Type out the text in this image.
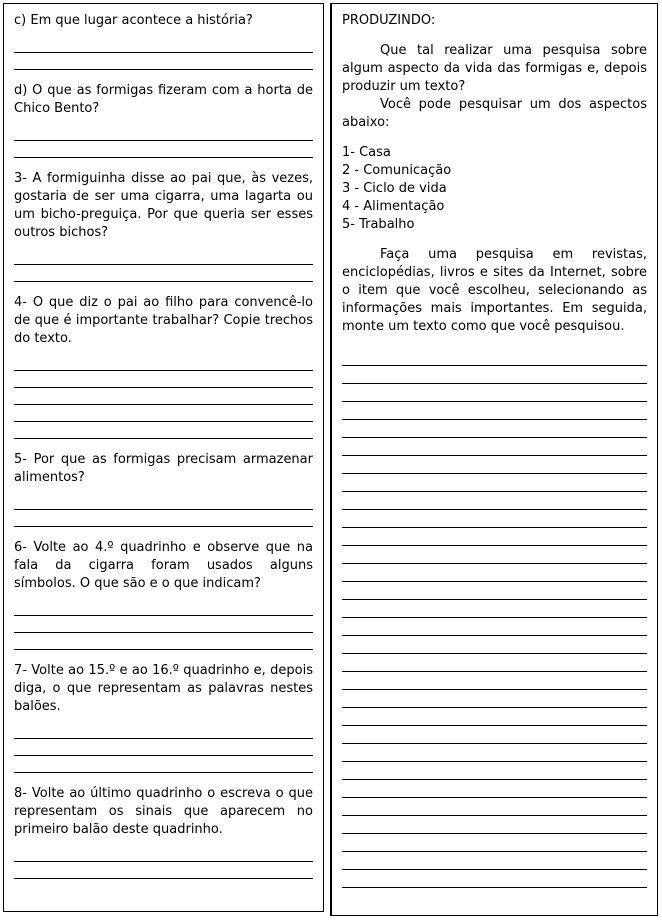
c) Em que lugar acontece a história?

d) O que as formigas fizeram com a horta de Chico Bento?

3- A formiguinha disse ao pai que, às vezes, gostaria de ser uma cigarra, uma lagarta ou um bicho-preguiça. Por que queria ser esses outros bichos?

4- O que diz o pai ao filho para convencê-lo de que é importante trabalhar? Copie trechos do texto.

5- Por que as formigas precisam armazenar alimentos?

6- Volte ao 4.º quadrinho e observe que na fala da cigarra foram usados alguns símbolos. O que são e o que indicam?

7- Volte ao 15.º e ao 16.º quadrinho e, depois diga, o que representam as palavras nestes balões.

8- Volte ao último quadrinho o escreva o que representam os sinais que aparecem no primeiro balão deste quadrinho.

PRODUZINDO:

Que tal realizar uma pesquisa sobre algum aspecto da vida das formigas e, depois produzir um texto?

Você pode pesquisar um dos aspectos abaixo:

1- Casa
2 - Comunicação
3 - Ciclo de vida
4 - Alimentação
5- Trabalho

Faça uma pesquisa em revistas, enciclopédias, livros e sites da Internet, sobre o item que você escolheu, selecionando as informações mais importantes. Em seguida, monte um texto como que você pesquisou.
